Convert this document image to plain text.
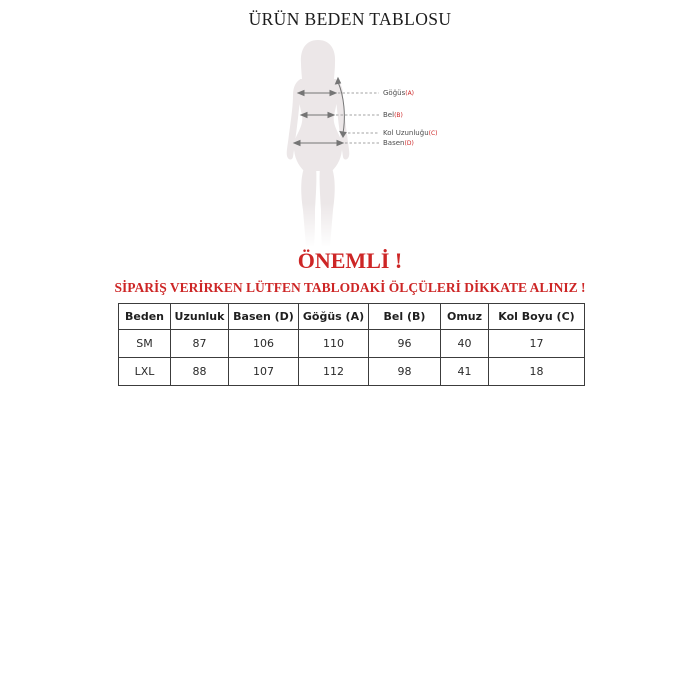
ÜRÜN BEDEN TABLOSU
Göğüs(A)
Bel(B)
Kol Uzunluğu(C)
Basen(D)
ÖNEMLİ !
SİPARİŞ VERİRKEN LÜTFEN TABLODAKİ ÖLÇÜLERİ DİKKATE ALINIZ !
Beden	Uzunluk	Basen (D)	Göğüs (A)	Bel (B)	Omuz	Kol Boyu (C)
SM	87	106	110	96	40	17
LXL	88	107	112	98	41	18
